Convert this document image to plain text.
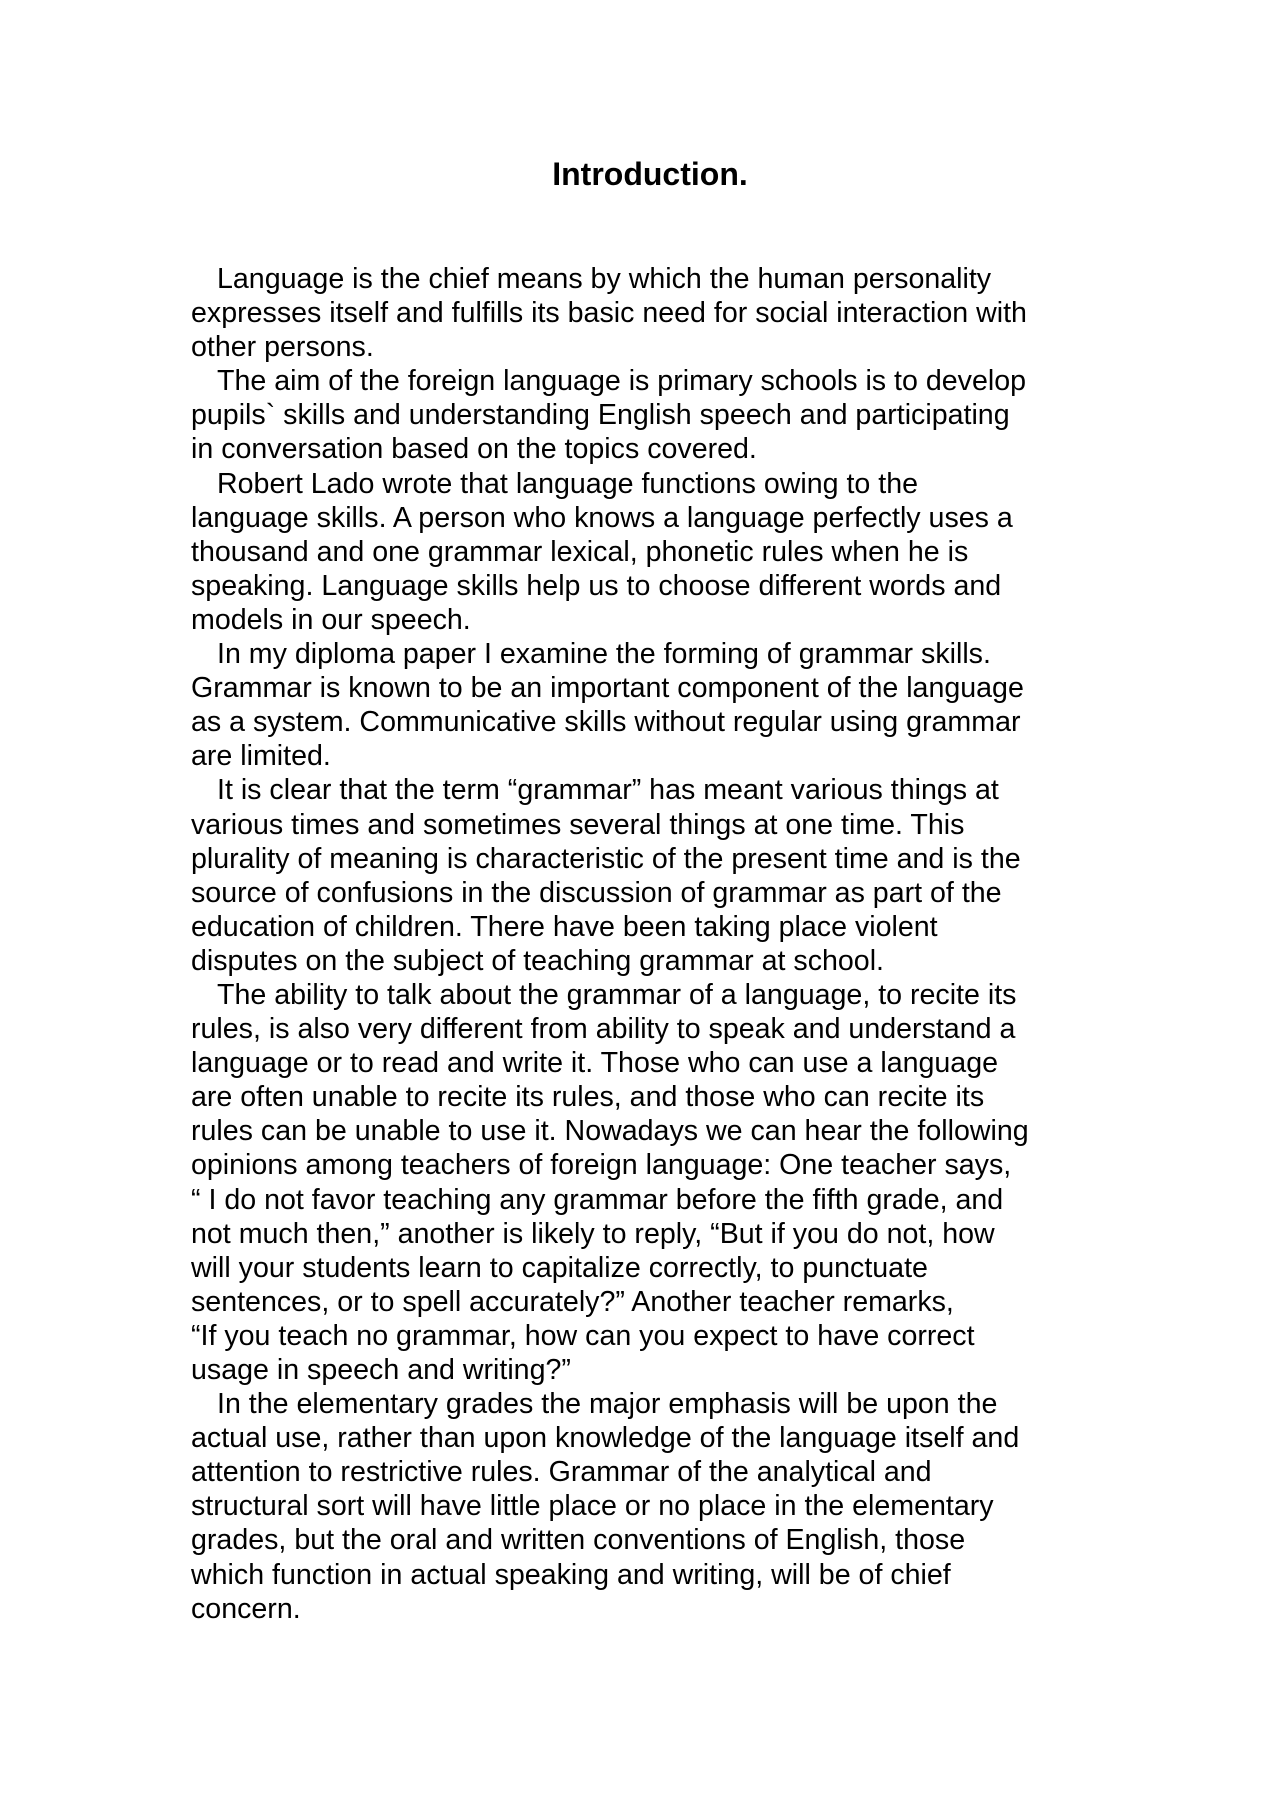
Introduction.
Language is the chief means by which the human personality
expresses itself and fulfills its basic need for social interaction with
other persons.
The aim of the foreign language is primary schools is to develop
pupils` skills and understanding English speech and participating
in conversation based on the topics covered.
Robert Lado wrote that language functions owing to the
language skills. A person who knows a language perfectly uses a
thousand and one grammar lexical, phonetic rules when he is
speaking. Language skills help us to choose different words and
models in our speech.
In my diploma paper I examine the forming of grammar skills.
Grammar is known to be an important component of the language
as a system. Communicative skills without regular using grammar
are limited.
It is clear that the term “grammar” has meant various things at
various times and sometimes several things at one time. This
plurality of meaning is characteristic of the present time and is the
source of confusions in the discussion of grammar as part of the
education of children. There have been taking place violent
disputes on the subject of teaching grammar at school.
The ability to talk about the grammar of a language, to recite its
rules, is also very different from ability to speak and understand a
language or to read and write it. Those who can use a language
are often unable to recite its rules, and those who can recite its
rules can be unable to use it. Nowadays we can hear the following
opinions among teachers of foreign language: One teacher says,
“ I do not favor teaching any grammar before the fifth grade, and
not much then,” another is likely to reply, “But if you do not, how
will your students learn to capitalize correctly, to punctuate
sentences, or to spell accurately?” Another teacher remarks,
“If you teach no grammar, how can you expect to have correct
usage in speech and writing?”
In the elementary grades the major emphasis will be upon the
actual use, rather than upon knowledge of the language itself and
attention to restrictive rules. Grammar of the analytical and
structural sort will have little place or no place in the elementary
grades, but the oral and written conventions of English, those
which function in actual speaking and writing, will be of chief
concern.
